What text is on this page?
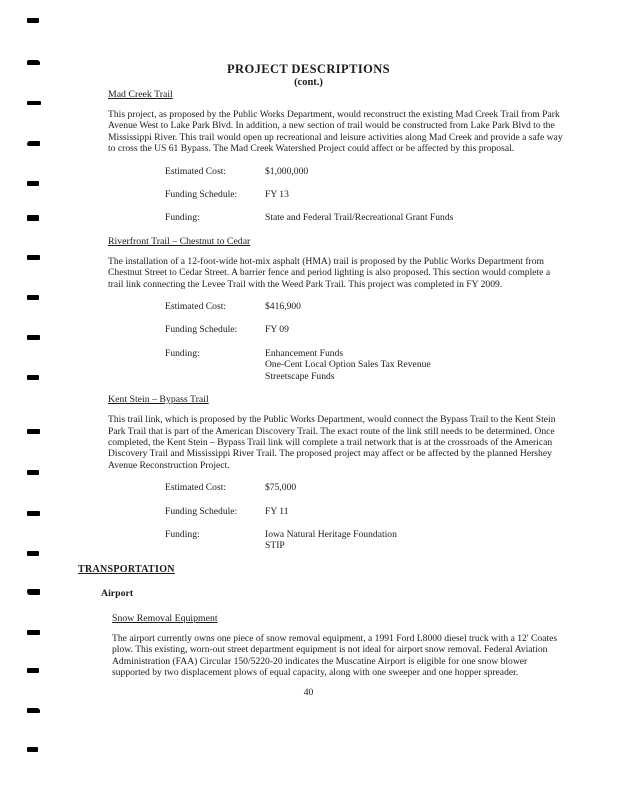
PROJECT DESCRIPTIONS
(cont.)
Mad Creek Trail

This project, as proposed by the Public Works Department, would reconstruct the existing Mad Creek Trail from Park Avenue West to Lake Park Blvd. In addition, a new section of trail would be constructed from Lake Park Blvd to the Mississippi River. This trail would open up recreational and leisure activities along Mad Creek and provide a safe way to cross the US 61 Bypass. The Mad Creek Watershed Project could affect or be affected by this proposal.

Estimated Cost:	$1,000,000
Funding Schedule:	FY 13
Funding:	State and Federal Trail/Recreational Grant Funds
Riverfront Trail – Chestnut to Cedar

The installation of a 12-foot-wide hot-mix asphalt (HMA) trail is proposed by the Public Works Department from Chestnut Street to Cedar Street. A barrier fence and period lighting is also proposed. This section would complete a trail link connecting the Levee Trail with the Weed Park Trail. This project was completed in FY 2009.

Estimated Cost:	$416,900
Funding Schedule:	FY 09
Funding:	Enhancement Funds
One-Cent Local Option Sales Tax Revenue
Streetscape Funds
Kent Stein – Bypass Trail

This trail link, which is proposed by the Public Works Department, would connect the Bypass Trail to the Kent Stein Park Trail that is part of the American Discovery Trail. The exact route of the link still needs to be determined. Once completed, the Kent Stein – Bypass Trail link will complete a trail network that is at the crossroads of the American Discovery Trail and Mississippi River Trail. The proposed project may affect or be affected by the planned Hershey Avenue Reconstruction Project.

Estimated Cost:	$75,000
Funding Schedule:	FY 11
Funding:	Iowa Natural Heritage Foundation
STIP
TRANSPORTATION
Airport
Snow Removal Equipment

The airport currently owns one piece of snow removal equipment, a 1991 Ford L8000 diesel truck with a 12' Coates plow. This existing, worn-out street department equipment is not ideal for airport snow removal. Federal Aviation Administration (FAA) Circular 150/5220-20 indicates the Muscatine Airport is eligible for one snow blower supported by two displacement plows of equal capacity, along with one sweeper and one hopper spreader.

40
